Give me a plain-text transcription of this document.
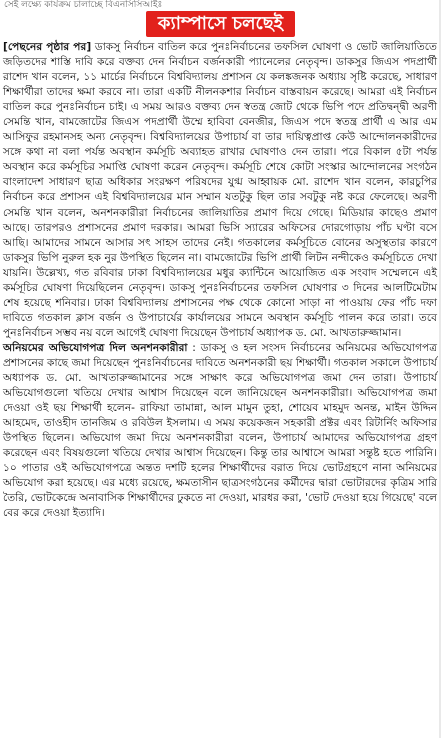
সেই লক্ষ্যে কার্যক্রম চালাচ্ছে বিএনসিসিআইঃ
ক্যাম্পাসে চলছেই

[পেছনের পৃষ্ঠার পর] ডাকসু নির্বাচন বাতিল করে পুনঃনির্বাচনের তফসিল ঘোষণা ও ভোট জালিয়াতিতে জড়িতদের শাস্তি দাবি করে বক্তব্য দেন নির্বাচন বর্জনকারী প্যানেলের নেতৃবৃন্দ। ডাকসুর জিএস পদপ্রার্থী রাশেদ খান বলেন, ১১ মার্চের নির্বাচনে বিশ্ববিদ্যালয় প্রশাসন যে কলঙ্কজনক অধ্যায় সৃষ্টি করেছে, সাধারণ শিক্ষার্থীরা তাদের ক্ষমা করবে না। তারা একটি নীলনকশার নির্বাচন বাস্তবায়ন করেছে। আমরা এই নির্বাচন বাতিল করে পুনঃনির্বাচন চাই। এ সময় আরও বক্তব্য দেন স্বতন্ত্র জোট থেকে ভিপি পদে প্রতিদ্বন্দ্বী অরণী সেমন্তি খান, বামজোটের জিএস পদপ্রার্থী উম্মে হাবিবা বেনজীর, জিএস পদে স্বতন্ত্র প্রার্থী এ আর এম আসিফুর রহমানসহ অন্য নেতৃবৃন্দ। বিশ্ববিদ্যালয়ের উপাচার্য বা তার দায়িত্বপ্রাপ্ত কেউ আন্দোলনকারীদের সঙ্গে কথা না বলা পর্যন্ত অবস্থান কর্মসূচি অব্যাহত রাখার ঘোষণাও দেন তারা। পরে বিকাল ৫টা পর্যন্ত অবস্থান করে কর্মসূচির সমাপ্তি ঘোষণা করেন নেতৃবৃন্দ। কর্মসূচি শেষে কোটা সংস্কার আন্দোলনের সংগঠন বাংলাদেশ সাধারণ ছাত্র অধিকার সংরক্ষণ পরিষদের যুগ্ম আহ্বায়ক মো. রাশেদ খান বলেন, কারচুপির নির্বাচন করে প্রশাসন এই বিশ্ববিদ্যালয়ের মান সম্মান যতটুকু ছিল তার সবটুকু নষ্ট করে ফেলেছে। অরণী সেমন্তি খান বলেন, অনশনকারীরা নির্বাচনের জালিয়াতির প্রমাণ দিয়ে গেছে। মিডিয়ার কাছেও প্রমাণ আছে। তারপরও প্রশাসনের প্রমাণ দরকার। আমরা ভিসি স্যারের অফিসের দোরগোড়ায় পাঁচ ঘণ্টা বসে আছি। আমাদের সামনে আসার সৎ সাহস তাদের নেই। গতকালের কর্মসূচিতে বোনের অসুস্থতার কারণে ডাকসুর ভিপি নুরুল হক নুর উপস্থিত ছিলেন না। বামজোটের ভিপি প্রার্থী লিটন নন্দীকেও কর্মসূচিতে দেখা যায়নি। উল্লেখ্য, গত রবিবার ঢাকা বিশ্ববিদ্যালয়ের মধুর ক্যান্টিনে আয়োজিত এক সংবাদ সম্মেলনে এই কর্মসূচির ঘোষণা দিয়েছিলেন নেতৃবৃন্দ। ডাকসু পুনঃনির্বাচনের তফসিল ঘোষণার ৩ দিনের আলটিমেটাম শেষ হয়েছে শনিবার। ঢাকা বিশ্ববিদ্যালয় প্রশাসনের পক্ষ থেকে কোনো সাড়া না পাওয়ায় ফের পাঁচ দফা দাবিতে গতকাল ক্লাস বর্জন ও উপাচার্যের কার্যালয়ের সামনে অবস্থান কর্মসূচি পালন করে তারা। তবে পুনঃনির্বাচন সম্ভব নয় বলে আগেই ঘোষণা দিয়েছেন উপাচার্য অধ্যাপক ড. মো. আখতারুজ্জামান।

অনিয়মের অভিযোগপত্র দিল অনশনকারীরা : ডাকসু ও হল সংসদ নির্বাচনের অনিয়মের অভিযোগপত্র প্রশাসনের কাছে জমা দিয়েছেন পুনঃনির্বাচনের দাবিতে অনশনকারী ছয় শিক্ষার্থী। গতকাল সকালে উপাচার্য অধ্যাপক ড. মো. আখতারুজ্জামানের সঙ্গে সাক্ষাৎ করে অভিযোগপত্র জমা দেন তারা। উপাচার্য অভিযোগগুলো খতিয়ে দেখার আশ্বাস দিয়েছেন বলে জানিয়েছেন অনশনকারীরা। অভিযোগপত্র জমা দেওয়া ওই ছয় শিক্ষার্থী হলেন- রাফিয়া তামান্না, আল মামুন তুহা, শোয়েব মাহমুদ অনন্ত, মাইন উদ্দিন আহমেদ, তাওহীদ তানজিম ও রবিউল ইসলাম। এ সময় কয়েকজন সহকারী প্রক্টর এবং রিটার্নিং অফিসার উপস্থিত ছিলেন। অভিযোগ জমা দিয়ে অনশনকারীরা বলেন, উপাচার্য আমাদের অভিযোগপত্র গ্রহণ করেছেন এবং বিষয়গুলো খতিয়ে দেখার আশ্বাস দিয়েছেন। কিন্তু তার আশ্বাসে আমরা সন্তুষ্ট হতে পারিনি। ১০ পাতার ওই অভিযোগপত্রে অন্তত দশটি হলের শিক্ষার্থীদের বরাত দিয়ে ভোটগ্রহণে নানা অনিয়মের অভিযোগ করা হয়েছে। এর মধ্যে রয়েছে, ক্ষমতাসীন ছাত্রসংগঠনের কর্মীদের দ্বারা ভোটারদের কৃত্রিম সারি তৈরি, ভোটকেন্দ্রে অনাবাসিক শিক্ষার্থীদের ঢুকতে না দেওয়া, মারধর করা, 'ভোট দেওয়া হয়ে গিয়েছে' বলে বের করে দেওয়া ইত্যাদি।
